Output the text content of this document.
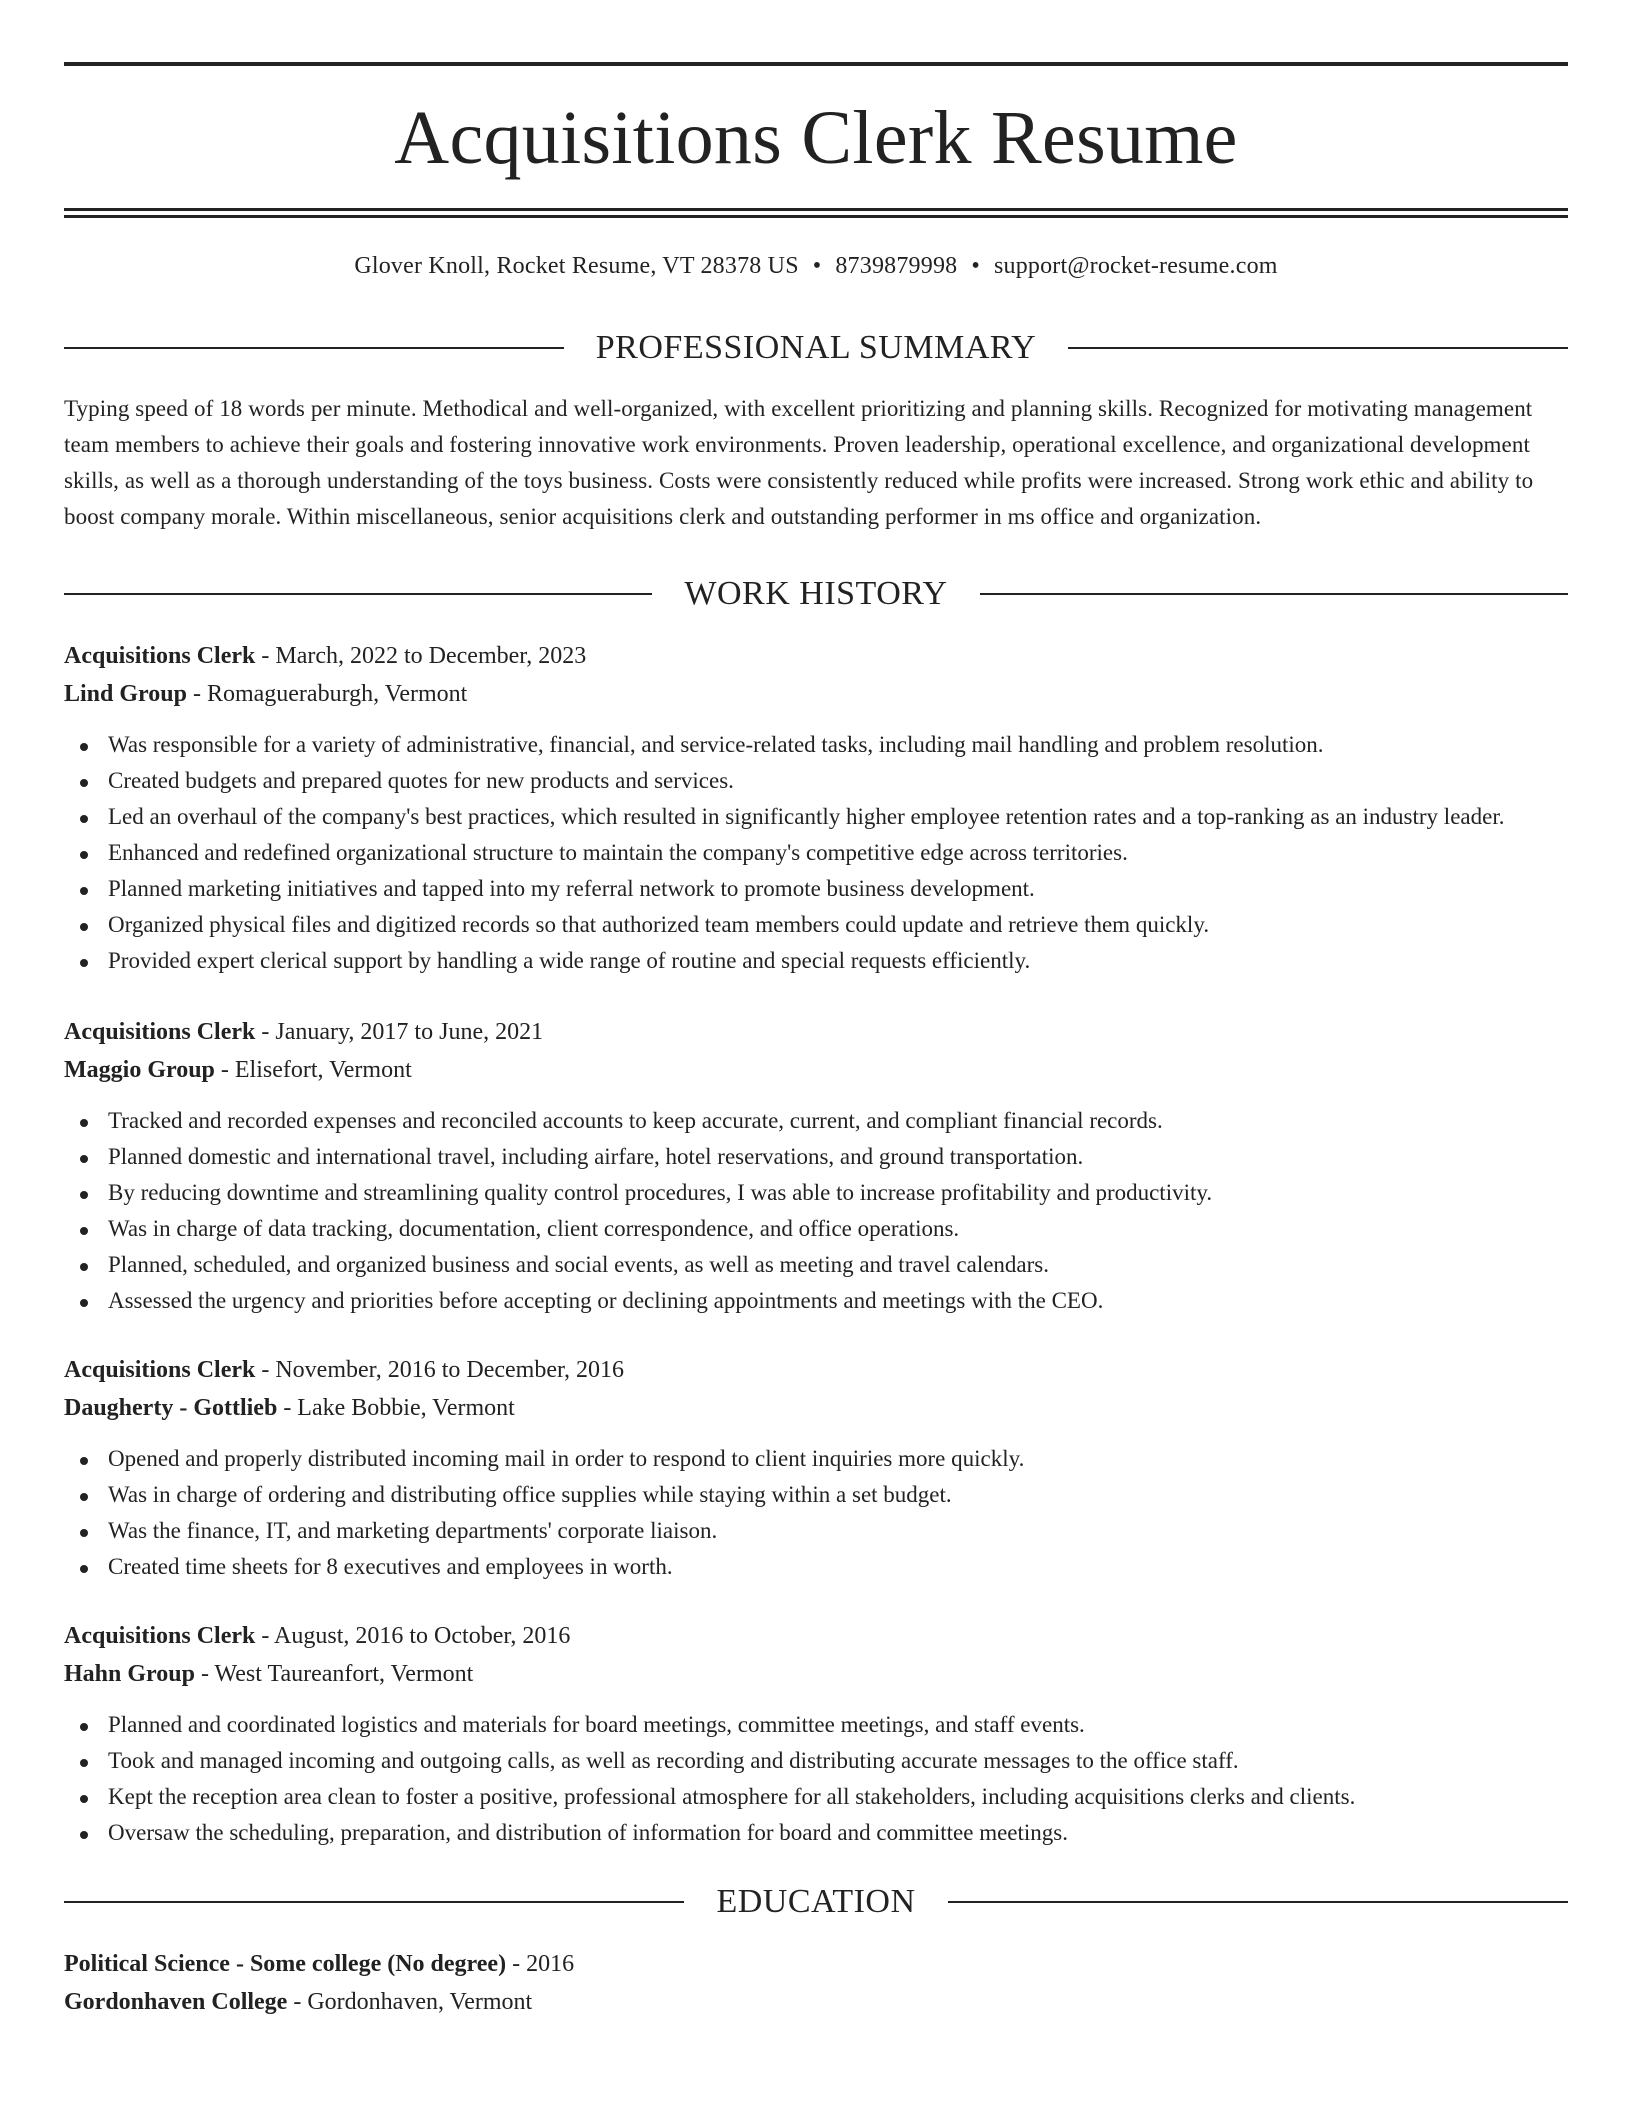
Acquisitions Clerk Resume
Glover Knoll, Rocket Resume, VT 28378 US • 8739879998 • support@rocket-resume.com
PROFESSIONAL SUMMARY

Typing speed of 18 words per minute. Methodical and well-organized, with excellent prioritizing and planning skills. Recognized for motivating management team members to achieve their goals and fostering innovative work environments. Proven leadership, operational excellence, and organizational development skills, as well as a thorough understanding of the toys business. Costs were consistently reduced while profits were increased. Strong work ethic and ability to boost company morale. Within miscellaneous, senior acquisitions clerk and outstanding performer in ms office and organization.

WORK HISTORY
Acquisitions Clerk - March, 2022 to December, 2023
Lind Group - Romagueraburgh, Vermont
Was responsible for a variety of administrative, financial, and service-related tasks, including mail handling and problem resolution.
Created budgets and prepared quotes for new products and services.
Led an overhaul of the company's best practices, which resulted in significantly higher employee retention rates and a top-ranking as an industry leader.
Enhanced and redefined organizational structure to maintain the company's competitive edge across territories.
Planned marketing initiatives and tapped into my referral network to promote business development.
Organized physical files and digitized records so that authorized team members could update and retrieve them quickly.
Provided expert clerical support by handling a wide range of routine and special requests efficiently.
Acquisitions Clerk - January, 2017 to June, 2021
Maggio Group - Elisefort, Vermont
Tracked and recorded expenses and reconciled accounts to keep accurate, current, and compliant financial records.
Planned domestic and international travel, including airfare, hotel reservations, and ground transportation.
By reducing downtime and streamlining quality control procedures, I was able to increase profitability and productivity.
Was in charge of data tracking, documentation, client correspondence, and office operations.
Planned, scheduled, and organized business and social events, as well as meeting and travel calendars.
Assessed the urgency and priorities before accepting or declining appointments and meetings with the CEO.
Acquisitions Clerk - November, 2016 to December, 2016
Daugherty - Gottlieb - Lake Bobbie, Vermont
Opened and properly distributed incoming mail in order to respond to client inquiries more quickly.
Was in charge of ordering and distributing office supplies while staying within a set budget.
Was the finance, IT, and marketing departments' corporate liaison.
Created time sheets for 8 executives and employees in worth.
Acquisitions Clerk - August, 2016 to October, 2016
Hahn Group - West Taureanfort, Vermont
Planned and coordinated logistics and materials for board meetings, committee meetings, and staff events.
Took and managed incoming and outgoing calls, as well as recording and distributing accurate messages to the office staff.
Kept the reception area clean to foster a positive, professional atmosphere for all stakeholders, including acquisitions clerks and clients.
Oversaw the scheduling, preparation, and distribution of information for board and committee meetings.
EDUCATION
Political Science - Some college (No degree) - 2016
Gordonhaven College - Gordonhaven, Vermont
